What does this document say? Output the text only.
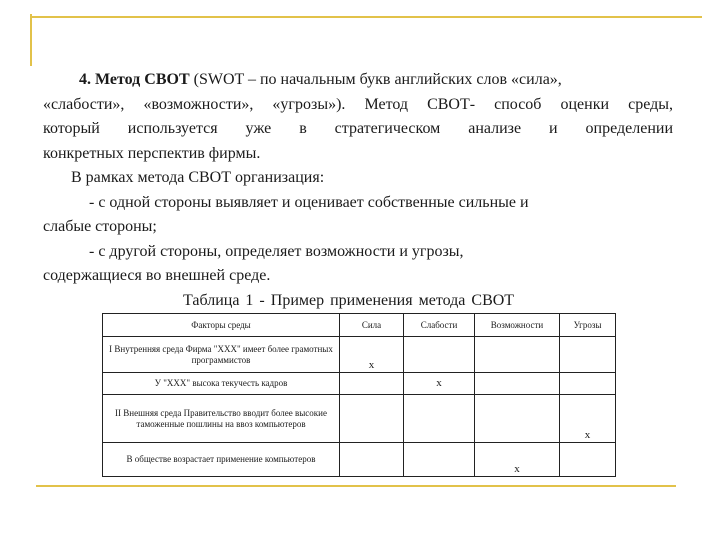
4. Метод СВОТ (SWOT – по начальным букв английских слов «сила»,
«слабости», «возможности», «угрозы»). Метод СВОТ- способ оценки среды,
который используется уже в стратегическом анализе и определении
конкретных перспектив фирмы.
В рамках метода СВОТ организация:
- с одной стороны выявляет и оценивает собственные сильные и
слабые стороны;
- с другой стороны, определяет возможности и угрозы,
содержащиеся во внешней среде.
Таблица 1 - Пример применения метода СВОТ
Факторы среды	Сила	Слабости	Возможности	Угрозы
I Внутренняя среда Фирма "XXX" имеет более грамотных программистов	х			
У "XXX" высока текучесть кадров		х		
II Внешняя среда Правительство вводит более высокие таможенные пошлины на ввоз компьютеров				х
В обществе возрастает применение компьютеров			х	
